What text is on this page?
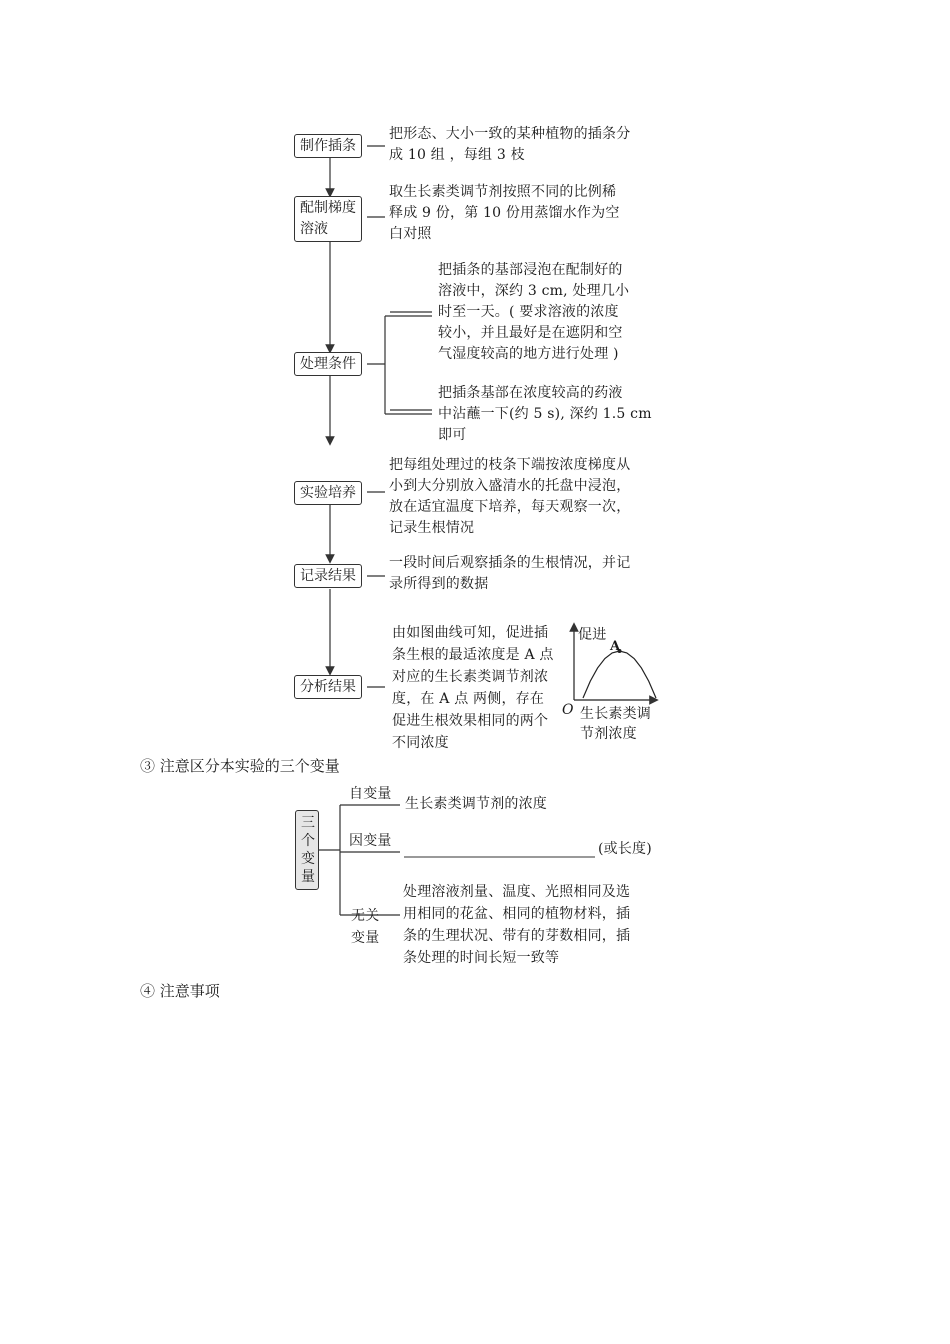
制作插条
把形态、大小一致的某种植物的插条分
成 10 组 ，每组 3 枝
配制梯度
溶液
取生长素类调节剂按照不同的比例稀
释成 9 份，第 10 份用蒸馏水作为空
白对照
处理条件
把插条的基部浸泡在配制好的
溶液中，深约 3 cm, 处理几小
时至一天。( 要求溶液的浓度
较小，并且最好是在遮阴和空
气湿度较高的地方进行处理 )
把插条基部在浓度较高的药液
中沾蘸一下(约 5 s), 深约 1.5 cm
即可
实验培养
把每组处理过的枝条下端按浓度梯度从
小到大分别放入盛清水的托盘中浸泡，
放在适宜温度下培养，每天观察一次，
记录生根情况
记录结果
一段时间后观察插条的生根情况，并记
录所得到的数据
分析结果
由如图曲线可知，促进插
条生根的最适浓度是 A 点
对应的生长素类调节剂浓
度，在 A 点 两侧，存在
促进生根效果相同的两个
不同浓度
促进
A
O 生长素类调
节剂浓度
③ 注意区分本实验的三个变量
三
个
变
量
自变量
生长素类调节剂的浓度
因变量	(或长度)
无关
变量
处理溶液剂量、温度、光照相同及选
用相同的花盆、相同的植物材料，插
条的生理状况、带有的芽数相同，插
条处理的时间长短一致等
④ 注意事项
